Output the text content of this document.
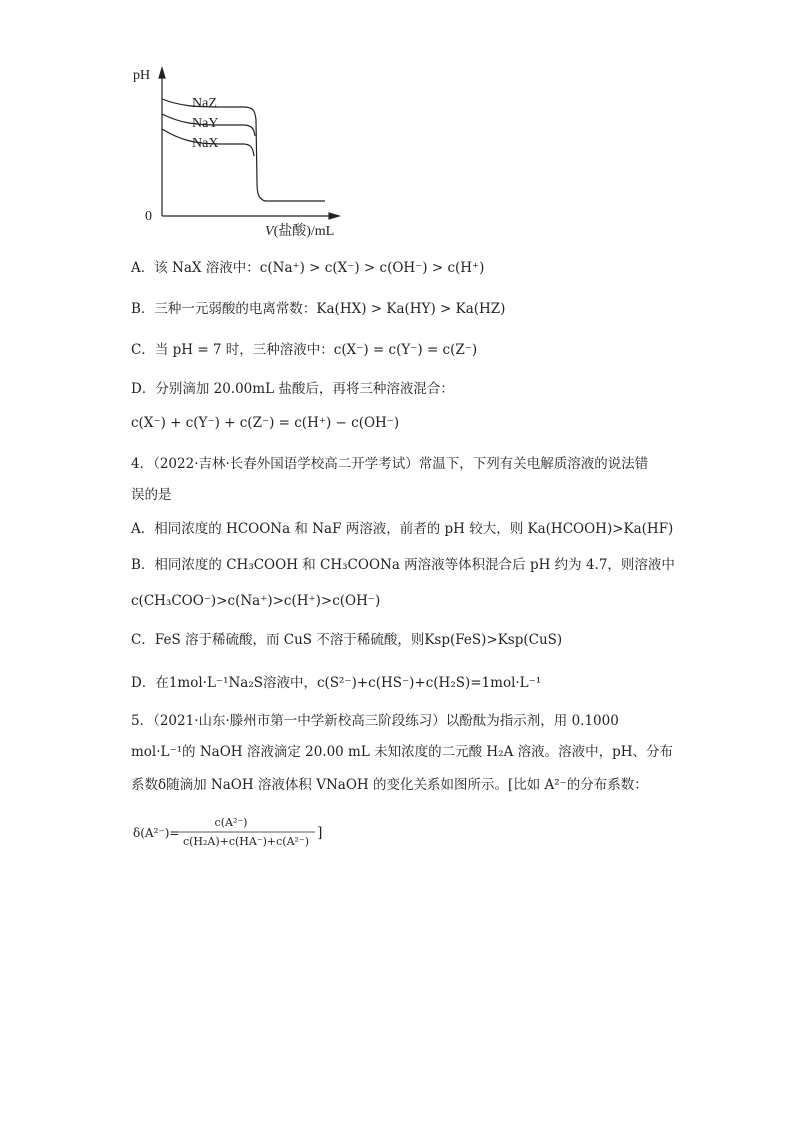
pH
0
NaZ
NaY
NaX
V(盐酸)/mL
A．该 NaX 溶液中：c(Na⁺) > c(X⁻) > c(OH⁻) > c(H⁺)
B．三种一元弱酸的电离常数：Ka(HX) > Ka(HY) > Ka(HZ)
C．当 pH = 7 时，三种溶液中：c(X⁻) = c(Y⁻) = c(Z⁻)
D．分别滴加 20.00mL 盐酸后，再将三种溶液混合：
c(X⁻) + c(Y⁻) + c(Z⁻) = c(H⁺) − c(OH⁻)
4．（2022·吉林·长春外国语学校高二开学考试）常温下，下列有关电解质溶液的说法错
误的是
A．相同浓度的 HCOONa 和 NaF 两溶液，前者的 pH 较大，则 Ka(HCOOH)>Ka(HF)
B．相同浓度的 CH₃COOH 和 CH₃COONa 两溶液等体积混合后 pH 约为 4.7，则溶液中
c(CH₃COO⁻)>c(Na⁺)>c(H⁺)>c(OH⁻)
C．FeS 溶于稀硫酸，而 CuS 不溶于稀硫酸，则Ksp(FeS)>Ksp(CuS)
D．在1mol·L⁻¹Na₂S溶液中，c(S²⁻)+c(HS⁻)+c(H₂S)=1mol·L⁻¹
5．（2021·山东·滕州市第一中学新校高三阶段练习）以酚酞为指示剂，用 0.1000
mol·L⁻¹的 NaOH 溶液滴定 20.00 mL 未知浓度的二元酸 H₂A 溶液。溶液中，pH、分布
系数δ随滴加 NaOH 溶液体积 VNaOH 的变化关系如图所示。[比如 A²⁻的分布系数：
δ(A²⁻)=
c(A²⁻)
c(H₂A)+c(HA⁻)+c(A²⁻)
]
